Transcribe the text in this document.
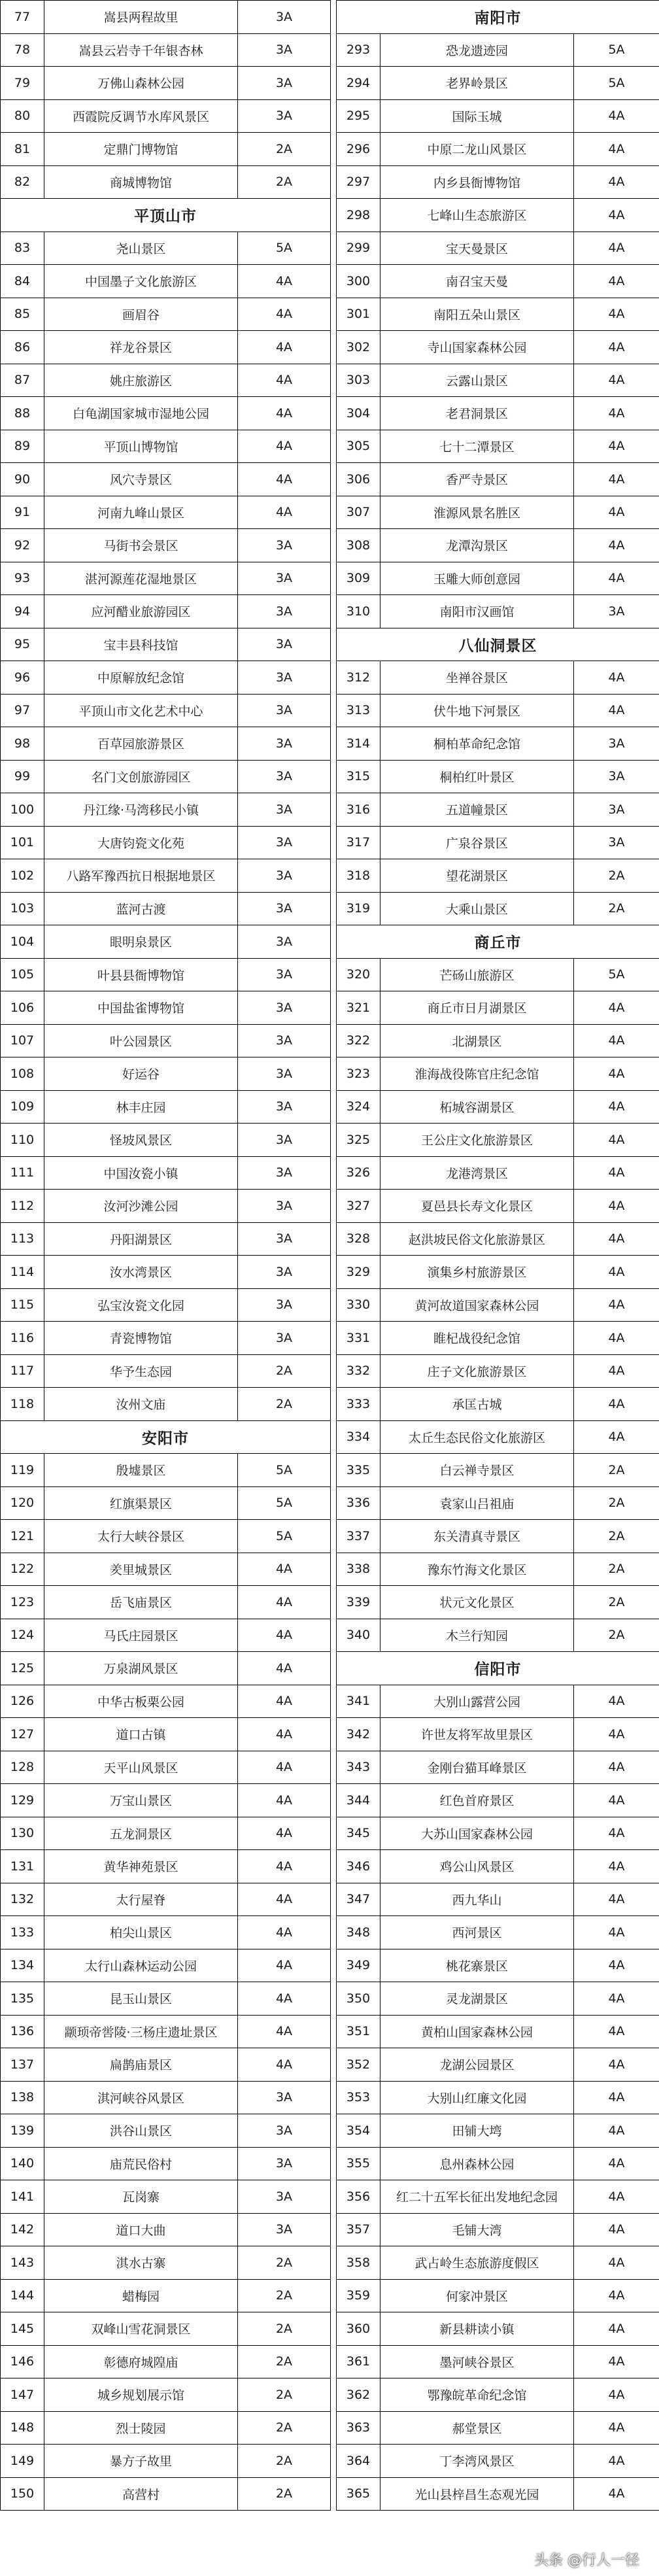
77	嵩县两程故里	3A		南阳市		
78	嵩县云岩寺千年银杏林	3A		293	恐龙遗迹园	5A
79	万佛山森林公园	3A		294	老界岭景区	5A
80	西霞院反调节水库风景区	3A		295	国际玉城	4A
81	定鼎门博物馆	2A		296	中原二龙山风景区	4A
82	商城博物馆	2A		297	内乡县衙博物馆	4A
平顶山市				298	七峰山生态旅游区	4A
83	尧山景区	5A		299	宝天曼景区	4A
84	中国墨子文化旅游区	4A		300	南召宝天曼	4A
85	画眉谷	4A		301	南阳五朵山景区	4A
86	祥龙谷景区	4A		302	寺山国家森林公园	4A
87	姚庄旅游区	4A		303	云露山景区	4A
88	白龟湖国家城市湿地公园	4A		304	老君洞景区	4A
89	平顶山博物馆	4A		305	七十二潭景区	4A
90	风穴寺景区	4A		306	香严寺景区	4A
91	河南九峰山景区	4A		307	淮源风景名胜区	4A
92	马街书会景区	3A		308	龙潭沟景区	4A
93	湛河源莲花湿地景区	3A		309	玉雕大师创意园	4A
94	应河醋业旅游园区	3A		310	南阳市汉画馆	3A
95	宝丰县科技馆	3A		八仙洞景区		
96	中原解放纪念馆	3A		312	坐禅谷景区	4A
97	平顶山市文化艺术中心	3A		313	伏牛地下河景区	4A
98	百草园旅游景区	3A		314	桐柏革命纪念馆	3A
99	名门文创旅游园区	3A		315	桐柏红叶景区	3A
100	丹江缘·马湾移民小镇	3A		316	五道幢景区	3A
101	大唐钧瓷文化苑	3A		317	广泉谷景区	3A
102	八路军豫西抗日根据地景区	3A		318	望花湖景区	2A
103	蓝河古渡	3A		319	大乘山景区	2A
104	眼明泉景区	3A		商丘市		
105	叶县县衙博物馆	3A		320	芒砀山旅游区	5A
106	中国盐雀博物馆	3A		321	商丘市日月湖景区	4A
107	叶公园景区	3A		322	北湖景区	4A
108	好运谷	3A		323	淮海战役陈官庄纪念馆	4A
109	林丰庄园	3A		324	柘城容湖景区	4A
110	怪坡风景区	3A		325	王公庄文化旅游景区	4A
111	中国汝瓷小镇	3A		326	龙港湾景区	4A
112	汝河沙滩公园	3A		327	夏邑县长寿文化景区	4A
113	丹阳湖景区	3A		328	赵洪坡民俗文化旅游景区	4A
114	汝水湾景区	3A		329	演集乡村旅游景区	4A
115	弘宝汝瓷文化园	3A		330	黄河故道国家森林公园	4A
116	青瓷博物馆	3A		331	睢杞战役纪念馆	4A
117	华予生态园	2A		332	庄子文化旅游景区	4A
118	汝州文庙	2A		333	承匡古城	4A
安阳市				334	太丘生态民俗文化旅游区	4A
119	殷墟景区	5A		335	白云禅寺景区	2A
120	红旗渠景区	5A		336	袁家山吕祖庙	2A
121	太行大峡谷景区	5A		337	东关清真寺景区	2A
122	羑里城景区	4A		338	豫东竹海文化景区	2A
123	岳飞庙景区	4A		339	状元文化景区	2A
124	马氏庄园景区	4A		340	木兰行知园	2A
125	万泉湖风景区	4A		信阳市		
126	中华古板栗公园	4A		341	大别山露营公园	4A
127	道口古镇	4A		342	许世友将军故里景区	4A
128	天平山风景区	4A		343	金刚台猫耳峰景区	4A
129	万宝山景区	4A		344	红色首府景区	4A
130	五龙洞景区	4A		345	大苏山国家森林公园	4A
131	黄华神苑景区	4A		346	鸡公山风景区	4A
132	太行屋脊	4A		347	西九华山	4A
133	柏尖山景区	4A		348	西河景区	4A
134	太行山森林运动公园	4A		349	桃花寨景区	4A
135	昆玉山景区	4A		350	灵龙湖景区	4A
136	颛顼帝喾陵·三杨庄遗址景区	4A		351	黄柏山国家森林公园	4A
137	扁鹊庙景区	4A		352	龙湖公园景区	4A
138	淇河峡谷风景区	3A		353	大别山红廉文化园	4A
139	洪谷山景区	3A		354	田铺大塆	4A
140	庙荒民俗村	3A		355	息州森林公园	4A
141	瓦岗寨	3A		356	红二十五军长征出发地纪念园	4A
142	道口大曲	3A		357	毛铺大湾	4A
143	淇水古寨	2A		358	武占岭生态旅游度假区	4A
144	蜡梅园	2A		359	何家冲景区	4A
145	双峰山雪花洞景区	2A		360	新县耕读小镇	4A
146	彰德府城隍庙	2A		361	墨河峡谷景区	4A
147	城乡规划展示馆	2A		362	鄂豫皖革命纪念馆	4A
148	烈士陵园	2A		363	郝堂景区	4A
149	暴方子故里	2A		364	丁李湾风景区	4A
150	高营村	2A		365	光山县梓昌生态观光园	4A
头条 @行人一径
